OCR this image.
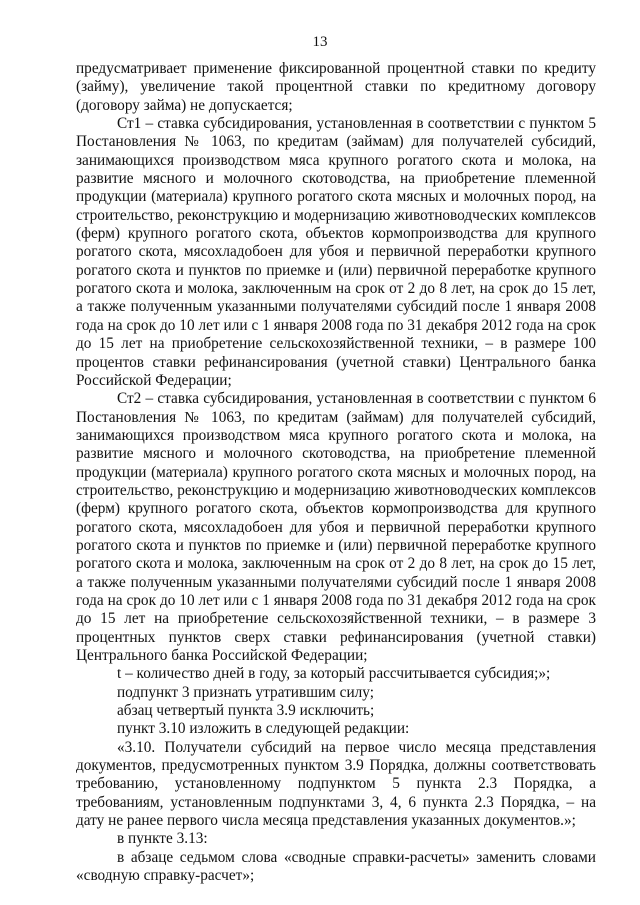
13

предусматривает применение фиксированной процентной ставки по кредиту (займу), увеличение такой процентной ставки по кредитному договору (договору займа) не допускается;

Ст1 – ставка субсидирования, установленная в соответствии с пунктом 5 Постановления № 1063, по кредитам (займам) для получателей субсидий, занимающихся производством мяса крупного рогатого скота и молока, на развитие мясного и молочного скотоводства, на приобретение племенной продукции (материала) крупного рогатого скота мясных и молочных пород, на строительство, реконструкцию и модернизацию животноводческих комплексов (ферм) крупного рогатого скота, объектов кормопроизводства для крупного рогатого скота, мясохладобоен для убоя и первичной переработки крупного рогатого скота и пунктов по приемке и (или) первичной переработке крупного рогатого скота и молока, заключенным на срок от 2 до 8 лет, на срок до 15 лет, а также полученным указанными получателями субсидий после 1 января 2008 года на срок до 10 лет или с 1 января 2008 года по 31 декабря 2012 года на срок до 15 лет на приобретение сельскохозяйственной техники, – в размере 100 процентов ставки рефинансирования (учетной ставки) Центрального банка Российской Федерации;

Ст2 – ставка субсидирования, установленная в соответствии с пунктом 6 Постановления № 1063, по кредитам (займам) для получателей субсидий, занимающихся производством мяса крупного рогатого скота и молока, на развитие мясного и молочного скотоводства, на приобретение племенной продукции (материала) крупного рогатого скота мясных и молочных пород, на строительство, реконструкцию и модернизацию животноводческих комплексов (ферм) крупного рогатого скота, объектов кормопроизводства для крупного рогатого скота, мясохладобоен для убоя и первичной переработки крупного рогатого скота и пунктов по приемке и (или) первичной переработке крупного рогатого скота и молока, заключенным на срок от 2 до 8 лет, на срок до 15 лет, а также полученным указанными получателями субсидий после 1 января 2008 года на срок до 10 лет или с 1 января 2008 года по 31 декабря 2012 года на срок до 15 лет на приобретение сельскохозяйственной техники, – в размере 3 процентных пунктов сверх ставки рефинансирования (учетной ставки) Центрального банка Российской Федерации;

t – количество дней в году, за который рассчитывается субсидия;»;

подпункт 3 признать утратившим силу;

абзац четвертый пункта 3.9 исключить;

пункт 3.10 изложить в следующей редакции:

«3.10. Получатели субсидий на первое число месяца представления документов, предусмотренных пунктом 3.9 Порядка, должны соответствовать требованию, установленному подпунктом 5 пункта 2.3 Порядка, а требованиям, установленным подпунктами 3, 4, 6 пункта 2.3 Порядка, – на дату не ранее первого числа месяца представления указанных документов.»;

в пункте 3.13:

в абзаце седьмом слова «сводные справки-расчеты» заменить словами «сводную справку-расчет»;
